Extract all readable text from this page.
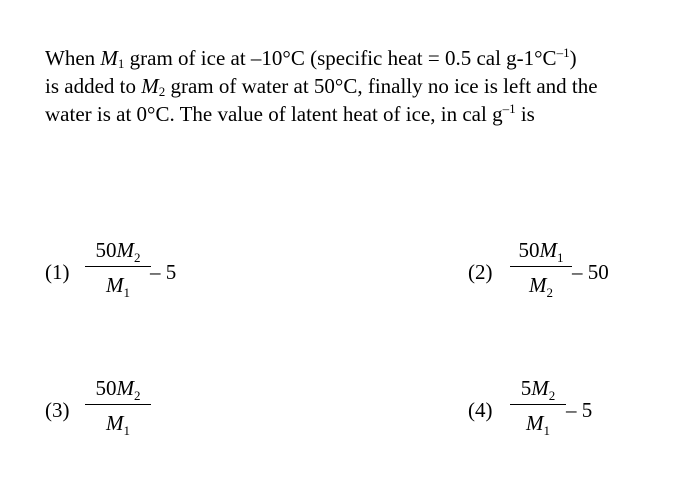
When $M_1$ gram of ice at –10°C (specific heat = 0.5 cal $g-1^\circ C^{-1}$)
is added to $M_2$ gram of water at 50°C, finally no ice is left and the
water is at 0°C. The value of latent heat of ice, in cal $g^{-1}$ is
(1)
$50M_2$
$M_1$
– 5	(2)
$50M_1$
$M_2$
– 50
(3)
$50M_2$
$M_1$
(4)
$5M_2$
$M_1$
– 5
